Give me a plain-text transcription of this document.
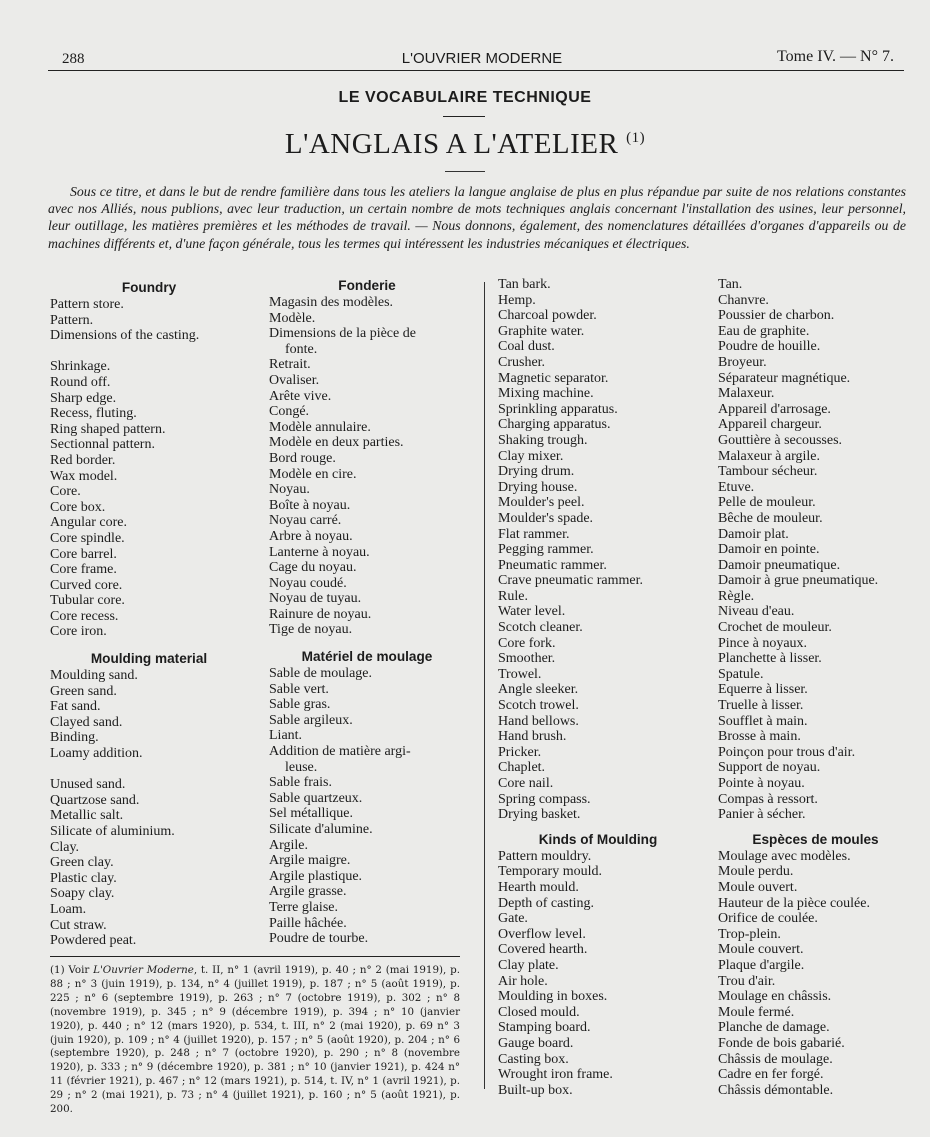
288	L'OUVRIER MODERNE	Tome IV. — N° 7.
LE VOCABULAIRE TECHNIQUE
L'ANGLAIS A L'ATELIER $^{(1)}$

Sous ce titre, et dans le but de rendre familière dans tous les ateliers la langue anglaise de plus en plus répandue par suite de nos relations constantes avec nos Alliés, nous publions, avec leur traduction, un certain nombre de mots techniques anglais concernant l'installation des usines, leur personnel, leur outillage, les matières premières et les méthodes de travail. — Nous donnons, également, des nomenclatures détaillées d'organes d'appareils ou de machines différents et, d'une façon générale, tous les termes qui intéressent les industries mécaniques et électriques.

Foundry
Pattern store.
Pattern.
Dimensions of the casting.
Shrinkage.
Round off.
Sharp edge.
Recess, fluting.
Ring shaped pattern.
Sectionnal pattern.
Red border.
Wax model.
Core.
Core box.
Angular core.
Core spindle.
Core barrel.
Core frame.
Curved core.
Tubular core.
Core recess.
Core iron.
Moulding material
Moulding sand.
Green sand.
Fat sand.
Clayed sand.
Binding.
Loamy addition.
Unused sand.
Quartzose sand.
Metallic salt.
Silicate of aluminium.
Clay.
Green clay.
Plastic clay.
Soapy clay.
Loam.
Cut straw.
Powdered peat.
Fonderie
Magasin des modèles.
Modèle.
Dimensions de la pièce de
fonte.
Retrait.
Ovaliser.
Arête vive.
Congé.
Modèle annulaire.
Modèle en deux parties.
Bord rouge.
Modèle en cire.
Noyau.
Boîte à noyau.
Noyau carré.
Arbre à noyau.
Lanterne à noyau.
Cage du noyau.
Noyau coudé.
Noyau de tuyau.
Rainure de noyau.
Tige de noyau.
Matériel de moulage
Sable de moulage.
Sable vert.
Sable gras.
Sable argileux.
Liant.
Addition de matière argi-
leuse.
Sable frais.
Sable quartzeux.
Sel métallique.
Silicate d'alumine.
Argile.
Argile maigre.
Argile plastique.
Argile grasse.
Terre glaise.
Paille hâchée.
Poudre de tourbe.
Tan bark.
Hemp.
Charcoal powder.
Graphite water.
Coal dust.
Crusher.
Magnetic separator.
Mixing machine.
Sprinkling apparatus.
Charging apparatus.
Shaking trough.
Clay mixer.
Drying drum.
Drying house.
Moulder's peel.
Moulder's spade.
Flat rammer.
Pegging rammer.
Pneumatic rammer.
Crave pneumatic rammer.
Rule.
Water level.
Scotch cleaner.
Core fork.
Smoother.
Trowel.
Angle sleeker.
Scotch trowel.
Hand bellows.
Hand brush.
Pricker.
Chaplet.
Core nail.
Spring compass.
Drying basket.
Kinds of Moulding
Pattern mouldry.
Temporary mould.
Hearth mould.
Depth of casting.
Gate.
Overflow level.
Covered hearth.
Clay plate.
Air hole.
Moulding in boxes.
Closed mould.
Stamping board.
Gauge board.
Casting box.
Wrought iron frame.
Built-up box.
Tan.
Chanvre.
Poussier de charbon.
Eau de graphite.
Poudre de houille.
Broyeur.
Séparateur magnétique.
Malaxeur.
Appareil d'arrosage.
Appareil chargeur.
Gouttière à secousses.
Malaxeur à argile.
Tambour sécheur.
Etuve.
Pelle de mouleur.
Bêche de mouleur.
Damoir plat.
Damoir en pointe.
Damoir pneumatique.
Damoir à grue pneumatique.
Règle.
Niveau d'eau.
Crochet de mouleur.
Pince à noyaux.
Planchette à lisser.
Spatule.
Equerre à lisser.
Truelle à lisser.
Soufflet à main.
Brosse à main.
Poinçon pour trous d'air.
Support de noyau.
Pointe à noyau.
Compas à ressort.
Panier à sécher.
Espèces de moules
Moulage avec modèles.
Moule perdu.
Moule ouvert.
Hauteur de la pièce coulée.
Orifice de coulée.
Trop-plein.
Moule couvert.
Plaque d'argile.
Trou d'air.
Moulage en châssis.
Moule fermé.
Planche de damage.
Fonde de bois gabarié.
Châssis de moulage.
Cadre en fer forgé.
Châssis démontable.
(1) Voir L'Ouvrier Moderne, t. II, n° 1 (avril 1919), p. 40 ; n° 2 (mai 1919), p. 88 ; n° 3 (juin 1919), p. 134, n° 4 (juillet 1919), p. 187 ; n° 5 (août 1919), p. 225 ; n° 6 (septembre 1919), p. 263 ; n° 7 (octobre 1919), p. 302 ; n° 8 (novembre 1919), p. 345 ; n° 9 (décembre 1919), p. 394 ; n° 10 (janvier 1920), p. 440 ; n° 12 (mars 1920), p. 534, t. III, n° 2 (mai 1920), p. 69 n° 3 (juin 1920), p. 109 ; n° 4 (juillet 1920), p. 157 ; n° 5 (août 1920), p. 204 ; n° 6 (septembre 1920), p. 248 ; n° 7 (octobre 1920), p. 290 ; n° 8 (novembre 1920), p. 333 ; n° 9 (décembre 1920), p. 381 ; n° 10 (janvier 1921), p. 424 n° 11 (février 1921), p. 467 ; n° 12 (mars 1921), p. 514, t. IV, n° 1 (avril 1921), p. 29 ; n° 2 (mai 1921), p. 73 ; n° 4 (juillet 1921), p. 160 ; n° 5 (août 1921), p. 200.
